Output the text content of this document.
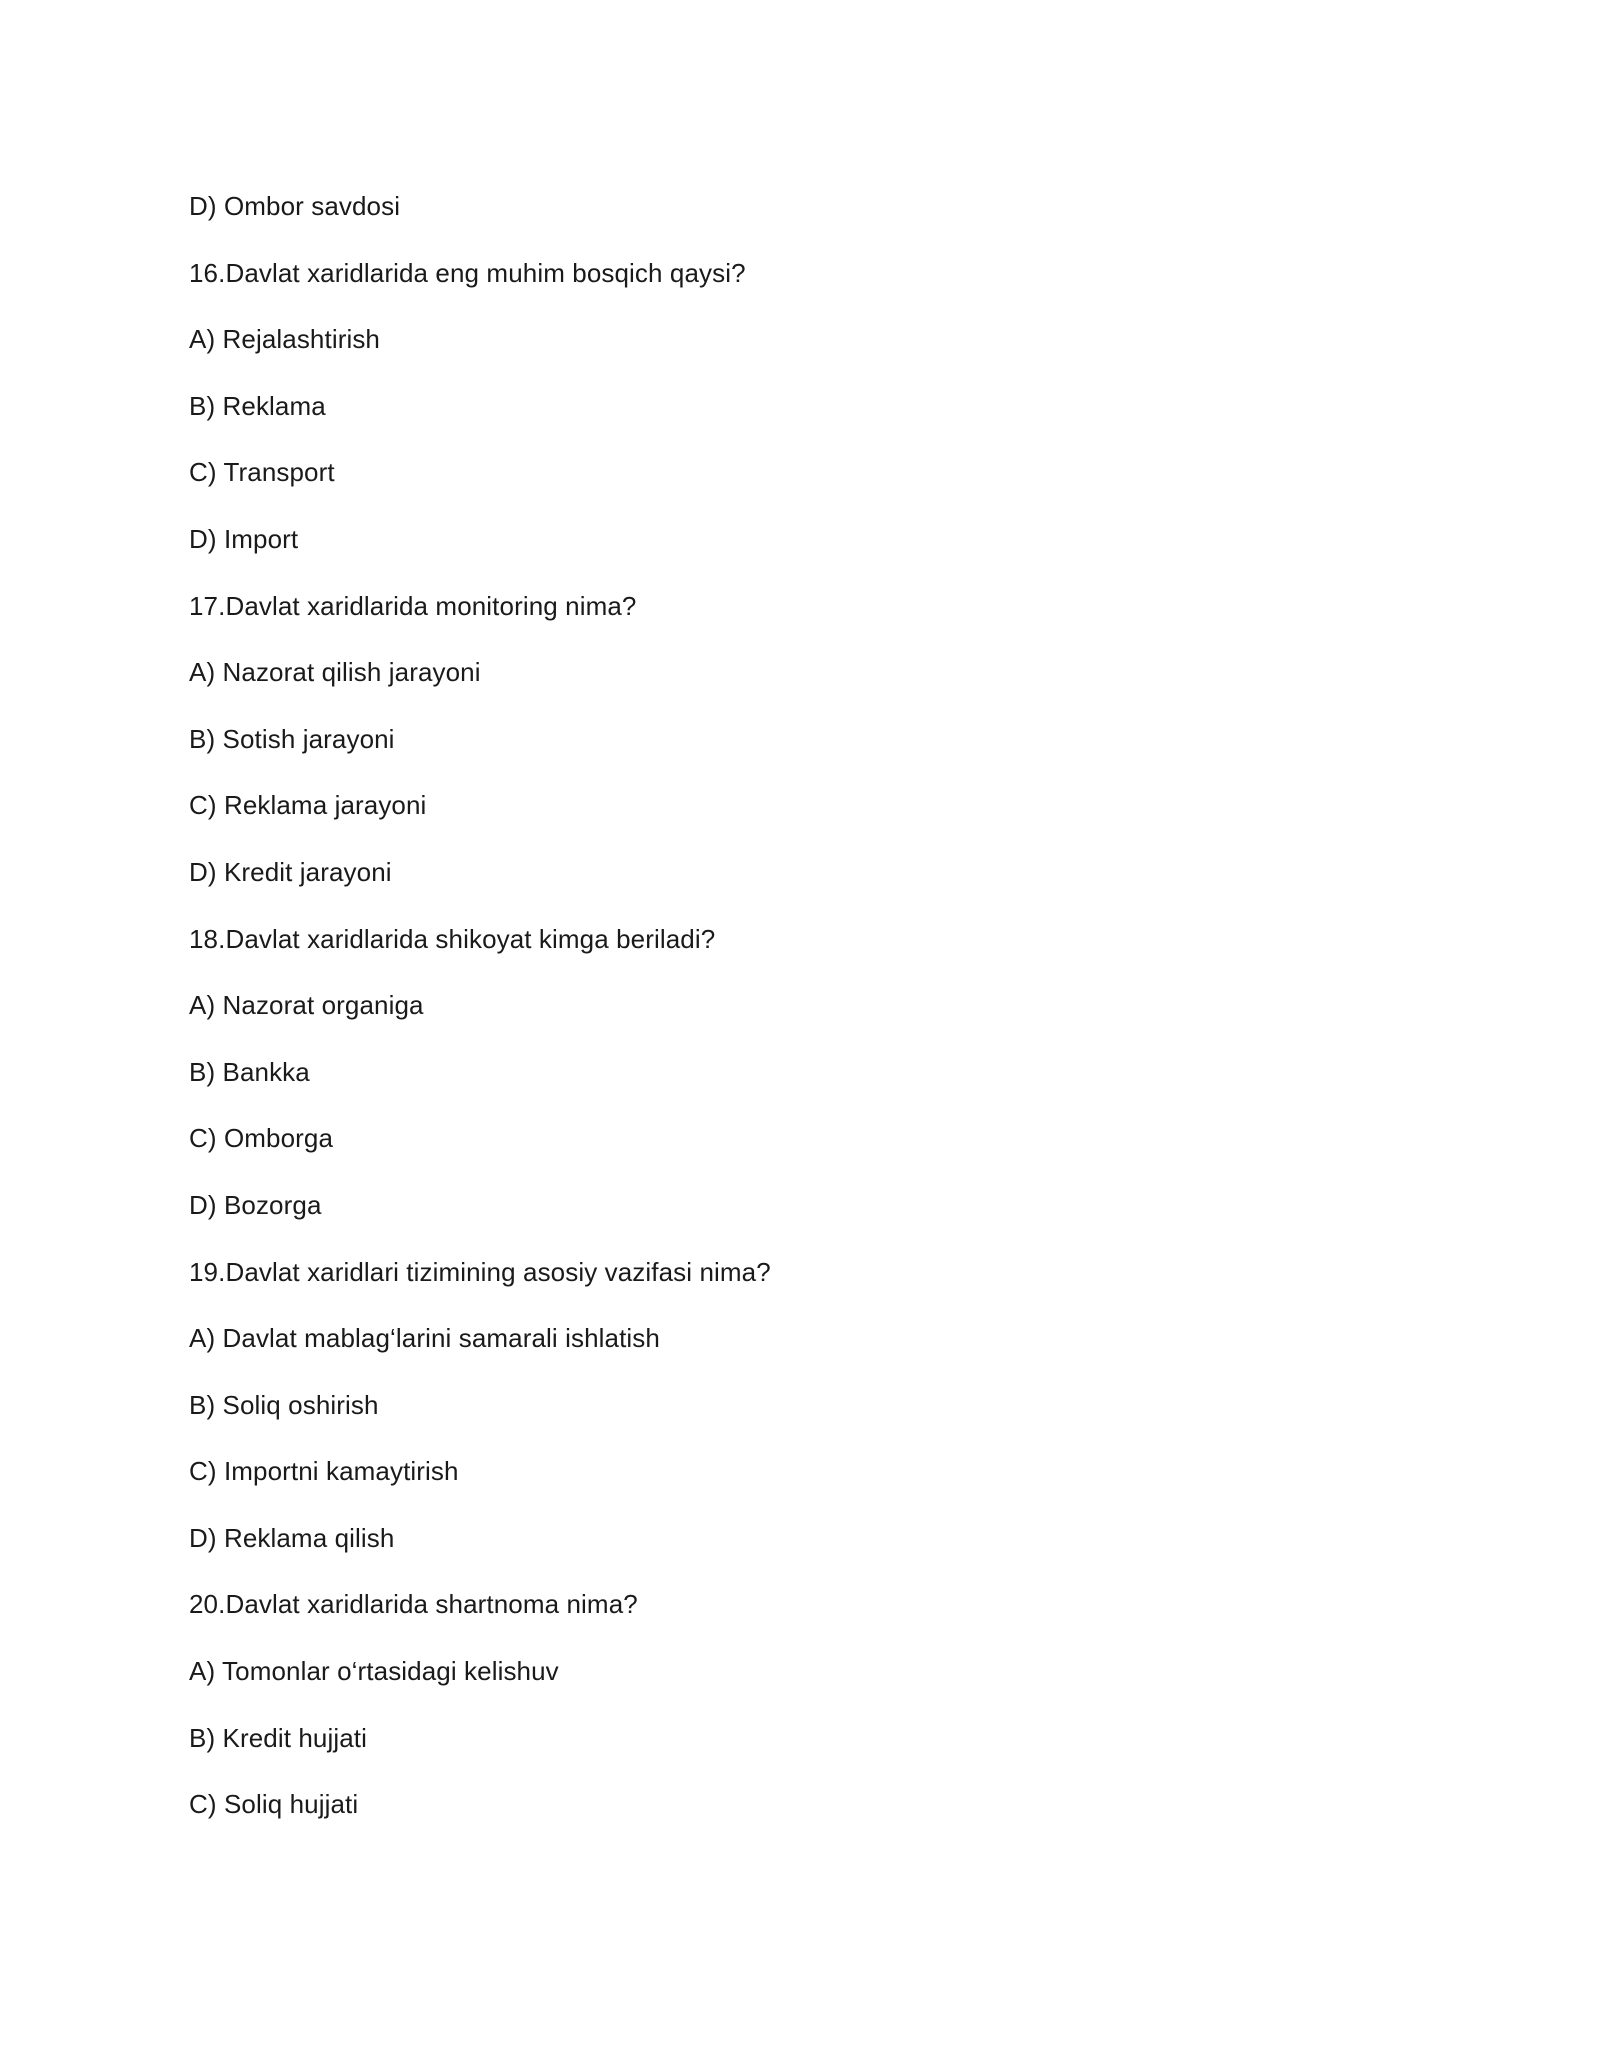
D) Ombor savdosi
16.Davlat xaridlarida eng muhim bosqich qaysi?
A) Rejalashtirish
B) Reklama
C) Transport
D) Import
17.Davlat xaridlarida monitoring nima?
A) Nazorat qilish jarayoni
B) Sotish jarayoni
C) Reklama jarayoni
D) Kredit jarayoni
18.Davlat xaridlarida shikoyat kimga beriladi?
A) Nazorat organiga
B) Bankka
C) Omborga
D) Bozorga
19.Davlat xaridlari tizimining asosiy vazifasi nima?
A) Davlat mablag‘larini samarali ishlatish
B) Soliq oshirish
C) Importni kamaytirish
D) Reklama qilish
20.Davlat xaridlarida shartnoma nima?
A) Tomonlar o‘rtasidagi kelishuv
B) Kredit hujjati
C) Soliq hujjati
